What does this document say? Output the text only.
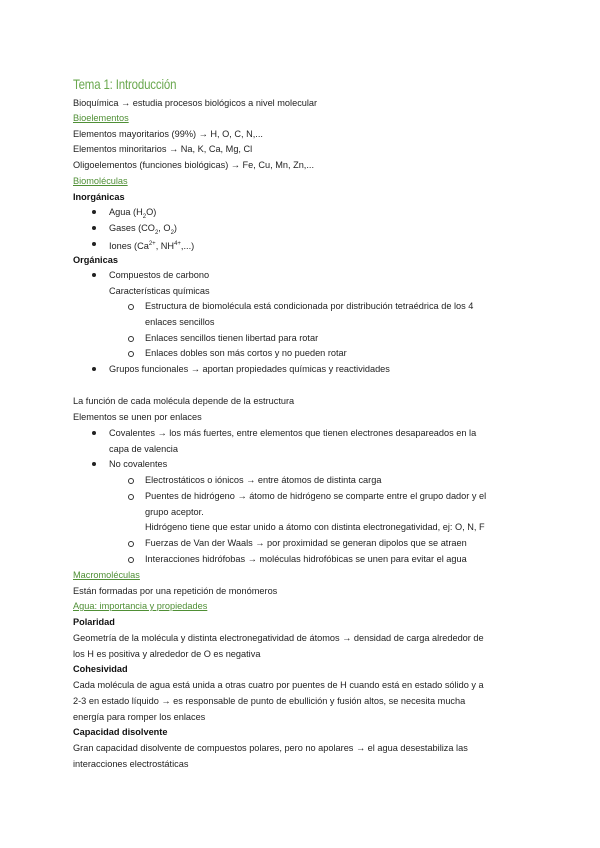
Tema 1: Introducción
Bioquímica → estudia procesos biológicos a nivel molecular
Bioelementos
Elementos mayoritarios (99%) → H, O, C, N,...
Elementos minoritarios → Na, K, Ca, Mg, Cl
Oligoelementos (funciones biológicas) → Fe, Cu, Mn, Zn,...
Biomoléculas
Inorgánicas
Agua $(H_2O)$
Gases ($CO_2$, $O_2$)
Iones ($Ca^{2+}$, $NH^{4+}$,...)
Orgánicas
Compuestos de carbono
Características químicas
Estructura de biomolécula está condicionada por distribución tetraédrica de los 4
enlaces sencillos
Enlaces sencillos tienen libertad para rotar
Enlaces dobles son más cortos y no pueden rotar
Grupos funcionales → aportan propiedades químicas y reactividades
La función de cada molécula depende de la estructura
Elementos se unen por enlaces
Covalentes → los más fuertes, entre elementos que tienen electrones desapareados en la
capa de valencia
No covalentes
Electrostáticos o iónicos → entre átomos de distinta carga
Puentes de hidrógeno → átomo de hidrógeno se comparte entre el grupo dador y el
grupo aceptor.
Hidrógeno tiene que estar unido a átomo con distinta electronegatividad, ej: O, N, F
Fuerzas de Van der Waals → por proximidad se generan dipolos que se atraen
Interacciones hidrófobas → moléculas hidrofóbicas se unen para evitar el agua
Macromoléculas
Están formadas por una repetición de monómeros
Agua: importancia y propiedades
Polaridad
Geometría de la molécula y distinta electronegatividad de átomos → densidad de carga alrededor de
los H es positiva y alrededor de O es negativa
Cohesividad
Cada molécula de agua está unida a otras cuatro por puentes de H cuando está en estado sólido y a
2-3 en estado líquido → es responsable de punto de ebullición y fusión altos, se necesita mucha
energía para romper los enlaces
Capacidad disolvente
Gran capacidad disolvente de compuestos polares, pero no apolares → el agua desestabiliza las
interacciones electrostáticas
